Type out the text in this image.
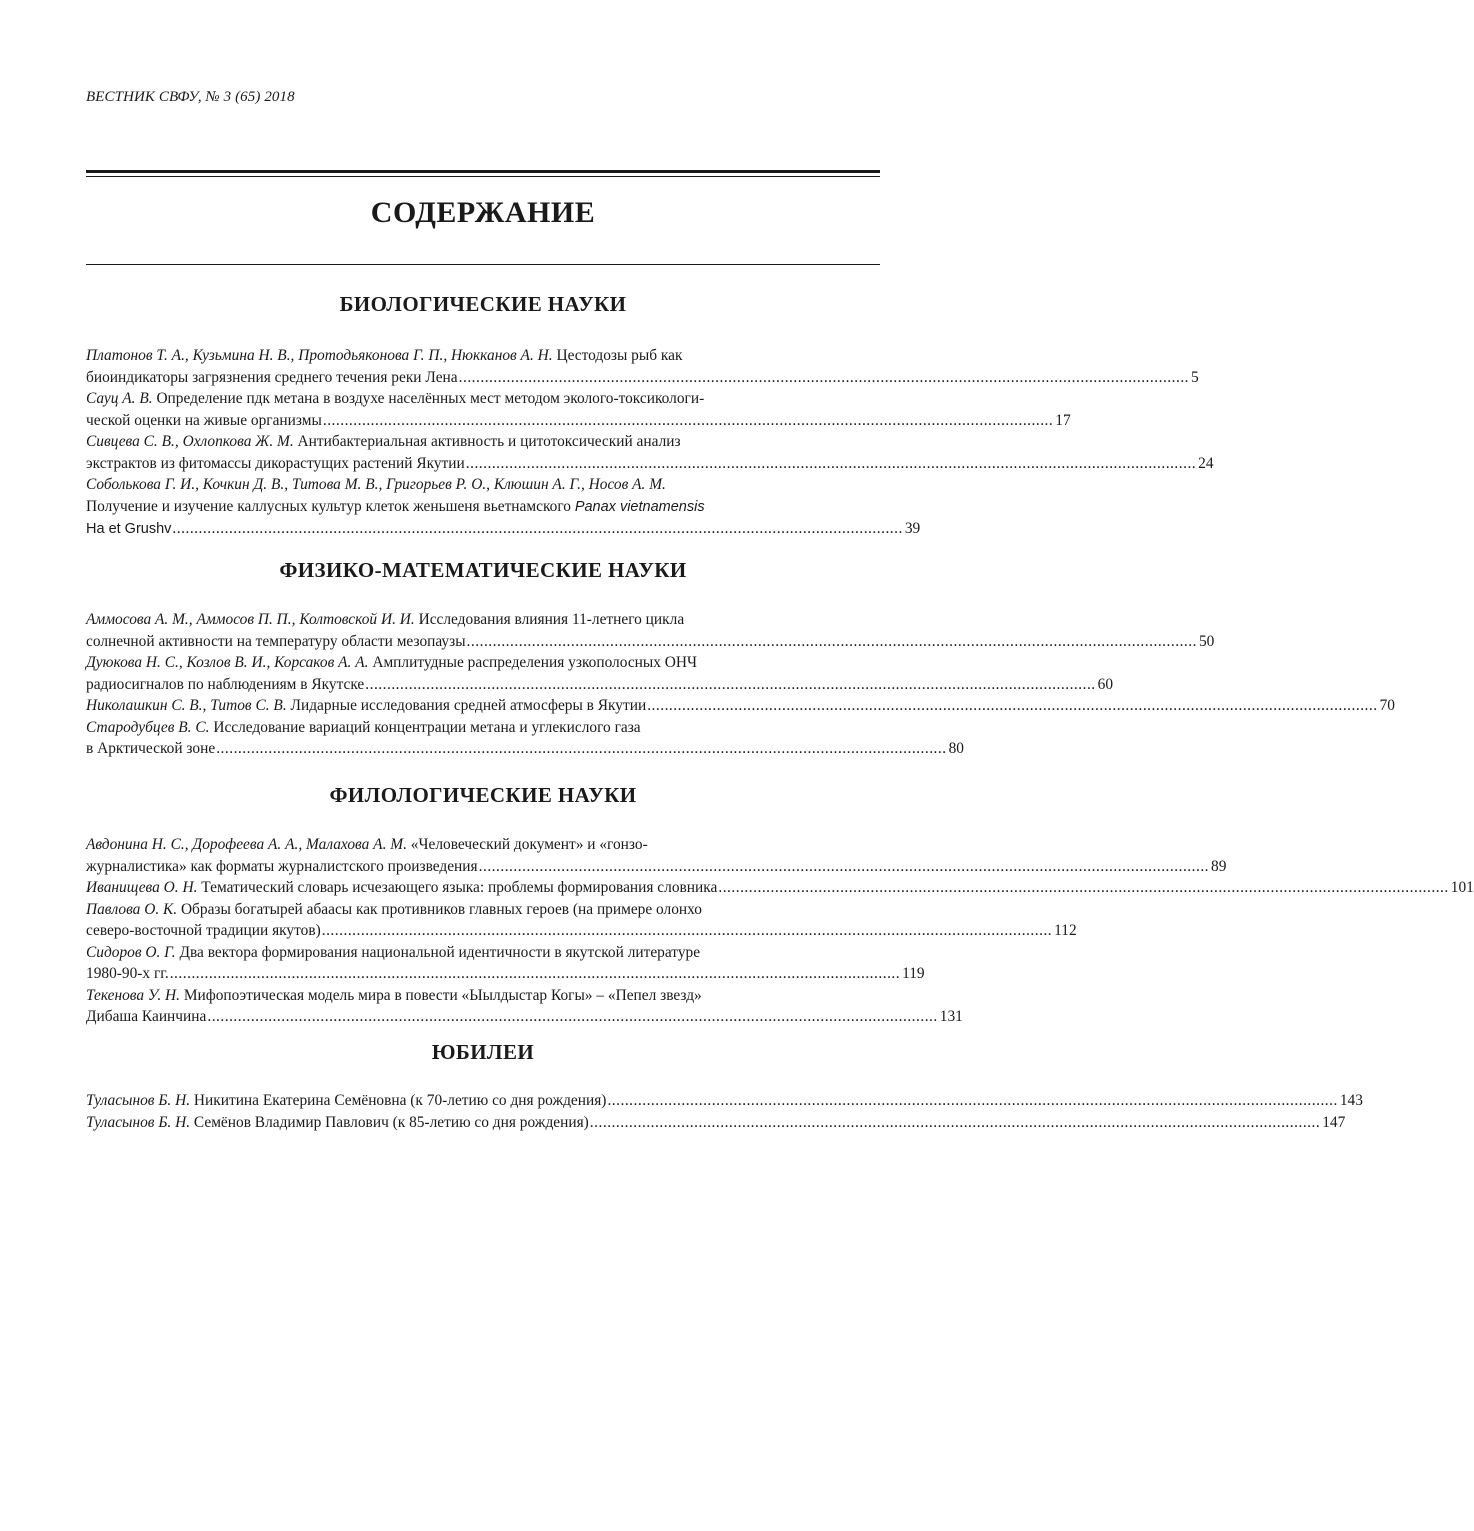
ВЕСТНИК СВФУ, № 3 (65) 2018
СОДЕРЖАНИЕ
БИОЛОГИЧЕСКИЕ НАУКИ
Платонов Т. А., Кузьмина Н. В., Протодьяконова Г. П., Нюкканов А. Н. Цестодозы рыб как
биоиндикаторы загрязнения среднего течения реки Лена ........................................................................................................................................................................ 5
Сауц А. В. Определение пдк метана в воздухе населённых мест методом эколого-токсикологи-
ческой оценки на живые организмы ........................................................................................................................................................................ 17
Сивцева С. В., Охлопкова Ж. М. Антибактериальная активность и цитотоксический анализ
экстрактов из фитомассы дикорастущих растений Якутии ........................................................................................................................................................................ 24
Соболькова Г. И., Кочкин Д. В., Титова М. В., Григорьев Р. О., Клюшин А. Г., Носов А. М.
Получение и изучение каллусных культур клеток женьшеня вьетнамского Panax vietnamensis
Ha et Grushv ........................................................................................................................................................................ 39
ФИЗИКО-МАТЕМАТИЧЕСКИЕ НАУКИ
Аммосова А. М., Аммосов П. П., Колтовской И. И. Исследования влияния 11-летнего цикла
солнечной активности на температуру области мезопаузы ........................................................................................................................................................................ 50
Дуюкова Н. С., Козлов В. И., Корсаков А. А. Амплитудные распределения узкополосных ОНЧ
радиосигналов по наблюдениям в Якутске ........................................................................................................................................................................ 60
Николашкин С. В., Титов С. В. Лидарные исследования средней атмосферы в Якутии ........................................................................................................................................................................ 70
Стародубцев В. С. Исследование вариаций концентрации метана и углекислого газа
в Арктической зоне ........................................................................................................................................................................ 80
ФИЛОЛОГИЧЕСКИЕ НАУКИ
Авдонина Н. С., Дорофеева А. А., Малахова А. М. «Человеческий документ» и «гонзо-
журналистика» как форматы журналистского произведения ........................................................................................................................................................................ 89
Иванищева О. Н. Тематический словарь исчезающего языка: проблемы формирования словника ........................................................................................................................................................................ 101
Павлова О. К. Образы богатырей абаасы как противников главных героев (на примере олонхо
северо-восточной традиции якутов) ........................................................................................................................................................................ 112
Сидоров О. Г. Два вектора формирования национальной идентичности в якутской литературе
1980-90-х гг. ........................................................................................................................................................................ 119
Текенова У. Н. Мифопоэтическая модель мира в повести «Ыылдыстар Когы» – «Пепел звезд»
Дибаша Каинчина ........................................................................................................................................................................ 131
ЮБИЛЕИ
Туласынов Б. Н. Никитина Екатерина Семёновна (к 70-летию со дня рождения) ........................................................................................................................................................................ 143
Туласынов Б. Н. Семёнов Владимир Павлович (к 85-летию со дня рождения) ........................................................................................................................................................................ 147
